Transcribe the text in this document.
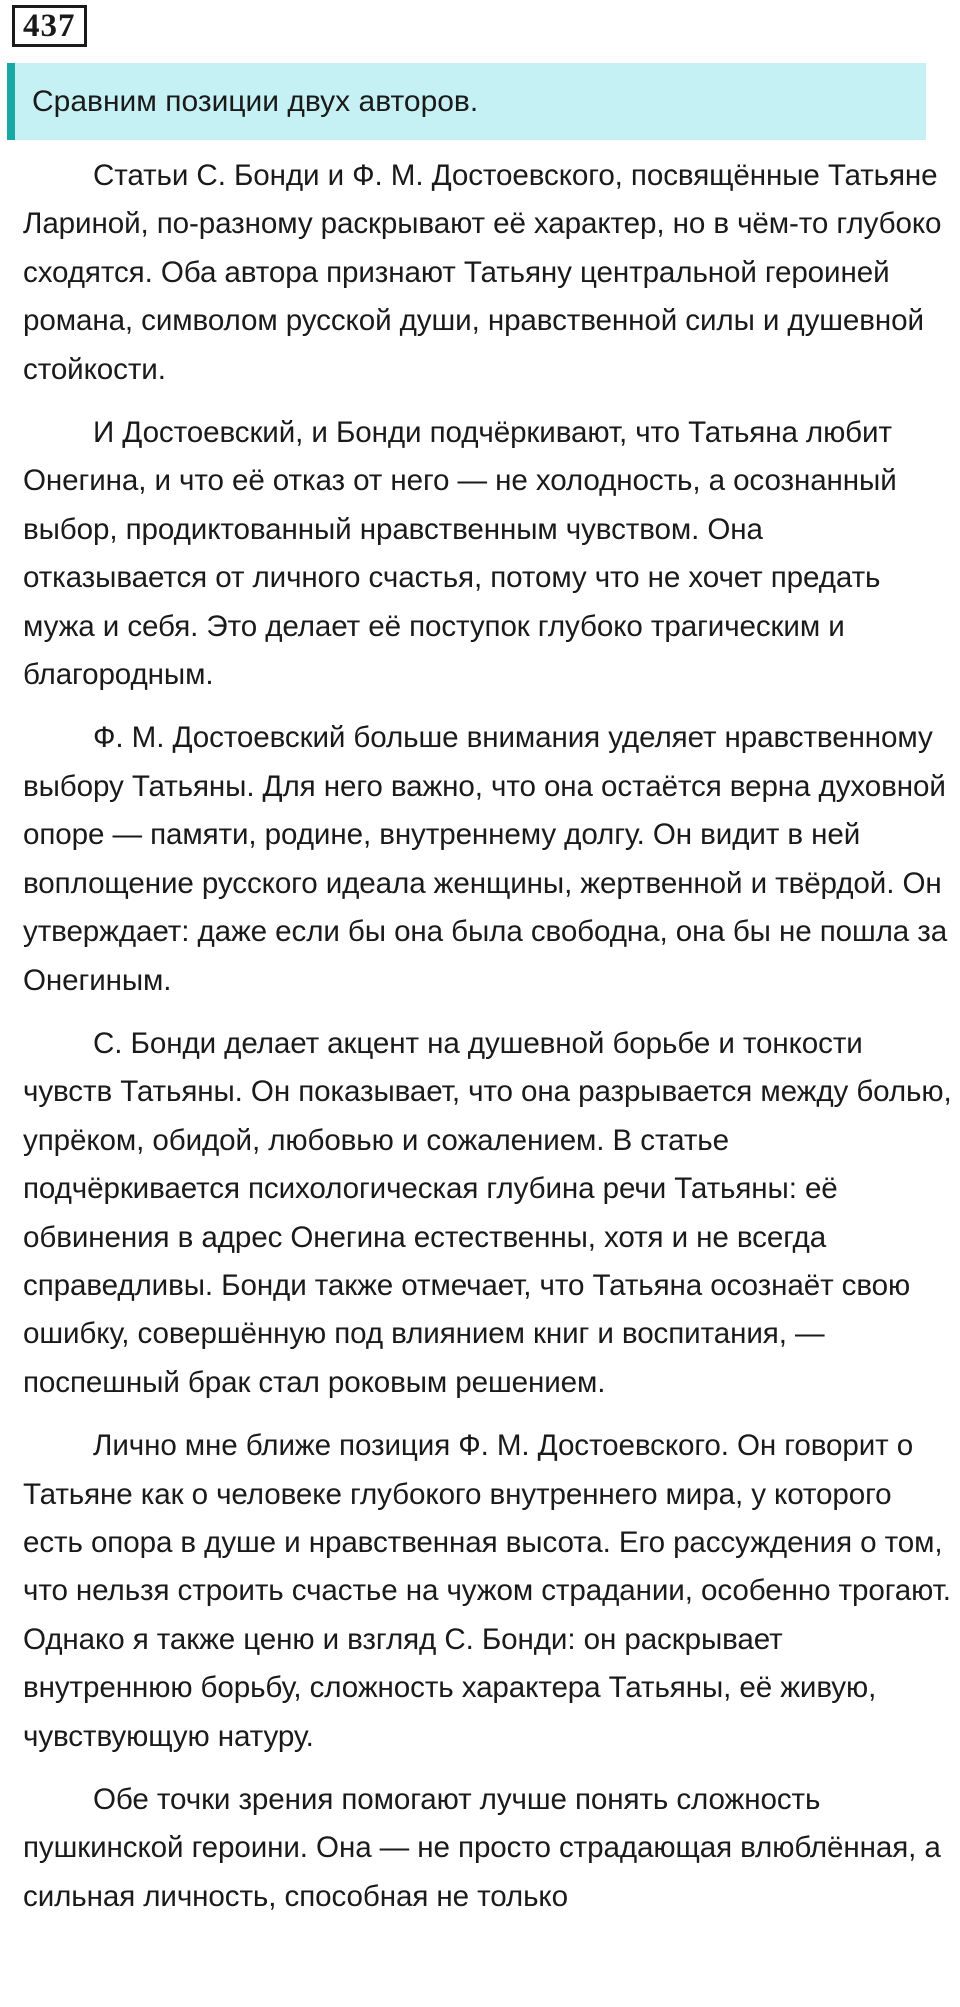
437
Сравним позиции двух авторов.

Статьи С. Бонди и Ф. М. Достоевского, посвящённые Татьяне Лариной, по-разному раскрывают её характер, но в чём-то глубоко сходятся. Оба автора признают Татьяну центральной героиней романа, символом русской души, нравственной силы и душевной стойкости.

И Достоевский, и Бонди подчёркивают, что Татьяна любит Онегина, и что её отказ от него — не холодность, а осознанный выбор, продиктованный нравственным чувством. Она отказывается от личного счастья, потому что не хочет предать мужа и себя. Это делает её поступок глубоко трагическим и благородным.

Ф. М. Достоевский больше внимания уделяет нравственному выбору Татьяны. Для него важно, что она остаётся верна духовной опоре — памяти, родине, внутреннему долгу. Он видит в ней воплощение русского идеала женщины, жертвенной и твёрдой. Он утверждает: даже если бы она была свободна, она бы не пошла за Онегиным.

С. Бонди делает акцент на душевной борьбе и тонкости чувств Татьяны. Он показывает, что она разрывается между болью, упрёком, обидой, любовью и сожалением. В статье подчёркивается психологическая глубина речи Татьяны: её обвинения в адрес Онегина естественны, хотя и не всегда справедливы. Бонди также отмечает, что Татьяна осознаёт свою ошибку, совершённую под влиянием книг и воспитания, — поспешный брак стал роковым решением.

Лично мне ближе позиция Ф. М. Достоевского. Он говорит о Татьяне как о человеке глубокого внутреннего мира, у которого есть опора в душе и нравственная высота. Его рассуждения о том, что нельзя строить счастье на чужом страдании, особенно трогают. Однако я также ценю и взгляд С. Бонди: он раскрывает внутреннюю борьбу, сложность характера Татьяны, её живую, чувствующую натуру.

Обе точки зрения помогают лучше понять сложность пушкинской героини. Она — не просто страдающая влюблённая, а сильная личность, способная не только
